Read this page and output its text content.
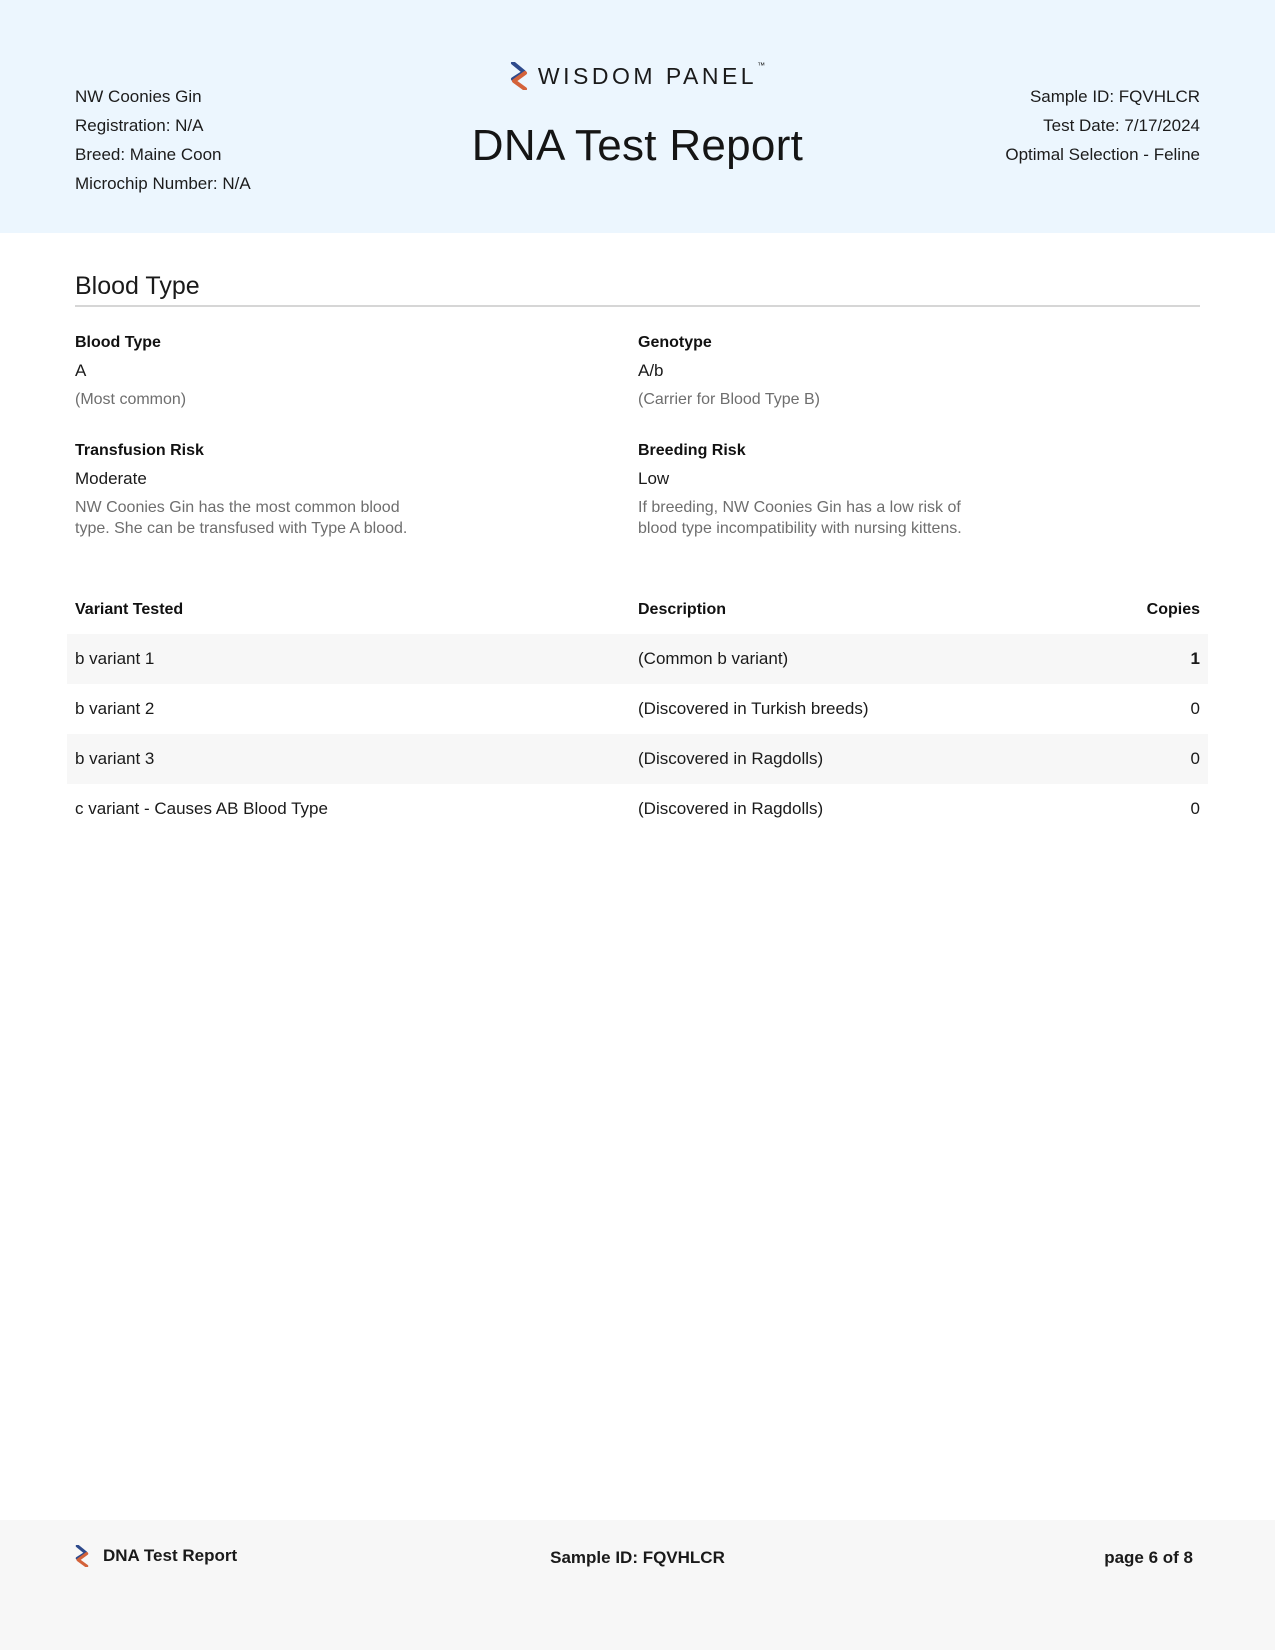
NW Coonies Gin
Registration: N/A
Breed: Maine Coon
Microchip Number: N/A
WISDOM PANEL™
DNA Test Report
Sample ID: FQVHLCR
Test Date: 7/17/2024
Optimal Selection - Feline
Blood Type
Blood Type
A
(Most common)
Genotype
A/b
(Carrier for Blood Type B)
Transfusion Risk
Moderate
NW Coonies Gin has the most common blood type. She can be transfused with Type A blood.
Breeding Risk
Low
If breeding, NW Coonies Gin has a low risk of blood type incompatibility with nursing kittens.
Variant Tested	Description	Copies
b variant 1	(Common b variant)	1
b variant 2	(Discovered in Turkish breeds)	0
b variant 3	(Discovered in Ragdolls)	0
c variant - Causes AB Blood Type	(Discovered in Ragdolls)	0
DNA Test Report	Sample ID: FQVHLCR	page 6 of 8
